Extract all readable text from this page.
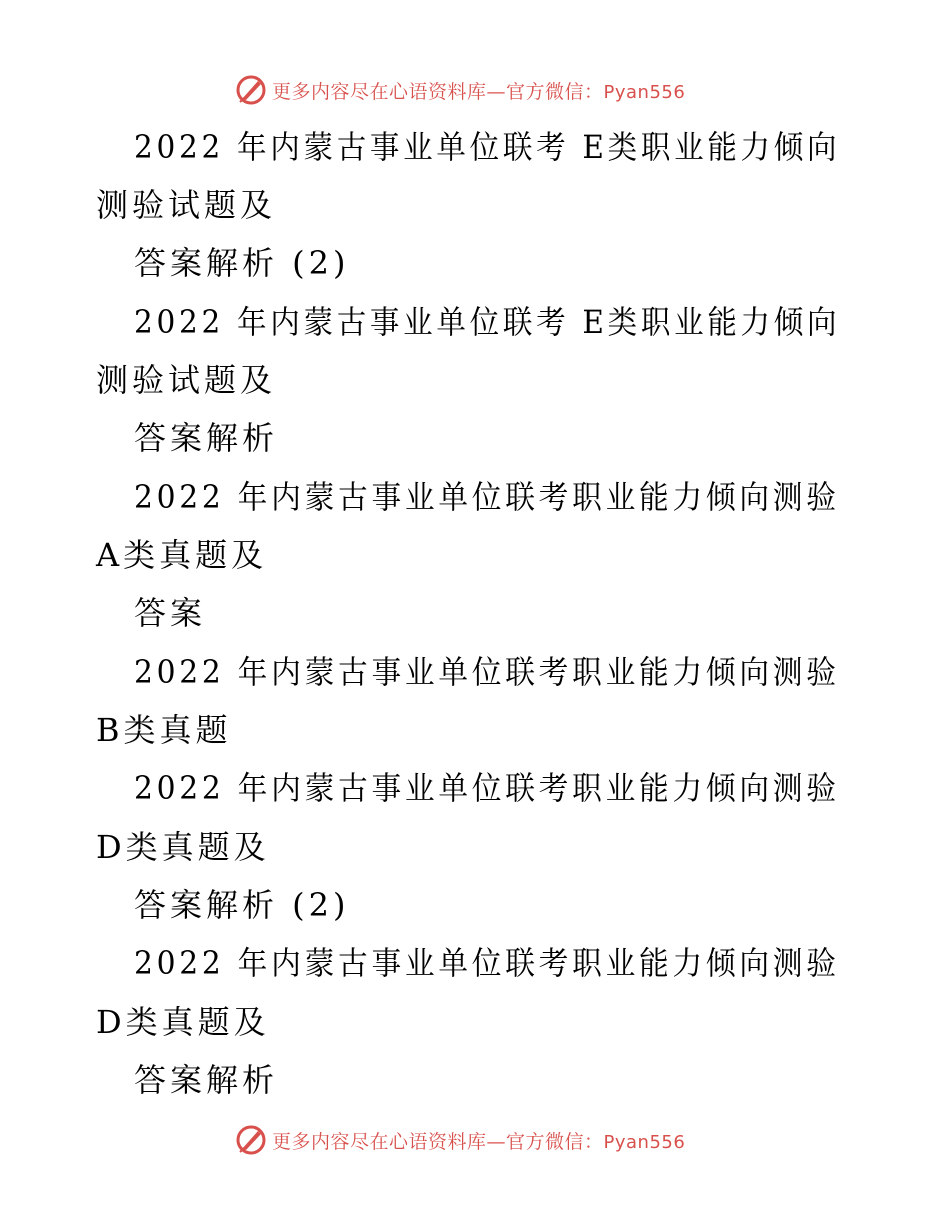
更多内容尽在心语资料库—官方微信：Pyan556
2022 年内蒙古事业单位联考 E类职业能力倾向
测验试题及
答案解析 (2)
2022 年内蒙古事业单位联考 E类职业能力倾向
测验试题及
答案解析
2022 年内蒙古事业单位联考职业能力倾向测验
A类真题及
答案
2022 年内蒙古事业单位联考职业能力倾向测验
B类真题
2022 年内蒙古事业单位联考职业能力倾向测验
D类真题及
答案解析 (2)
2022 年内蒙古事业单位联考职业能力倾向测验
D类真题及
答案解析
更多内容尽在心语资料库—官方微信：Pyan556
